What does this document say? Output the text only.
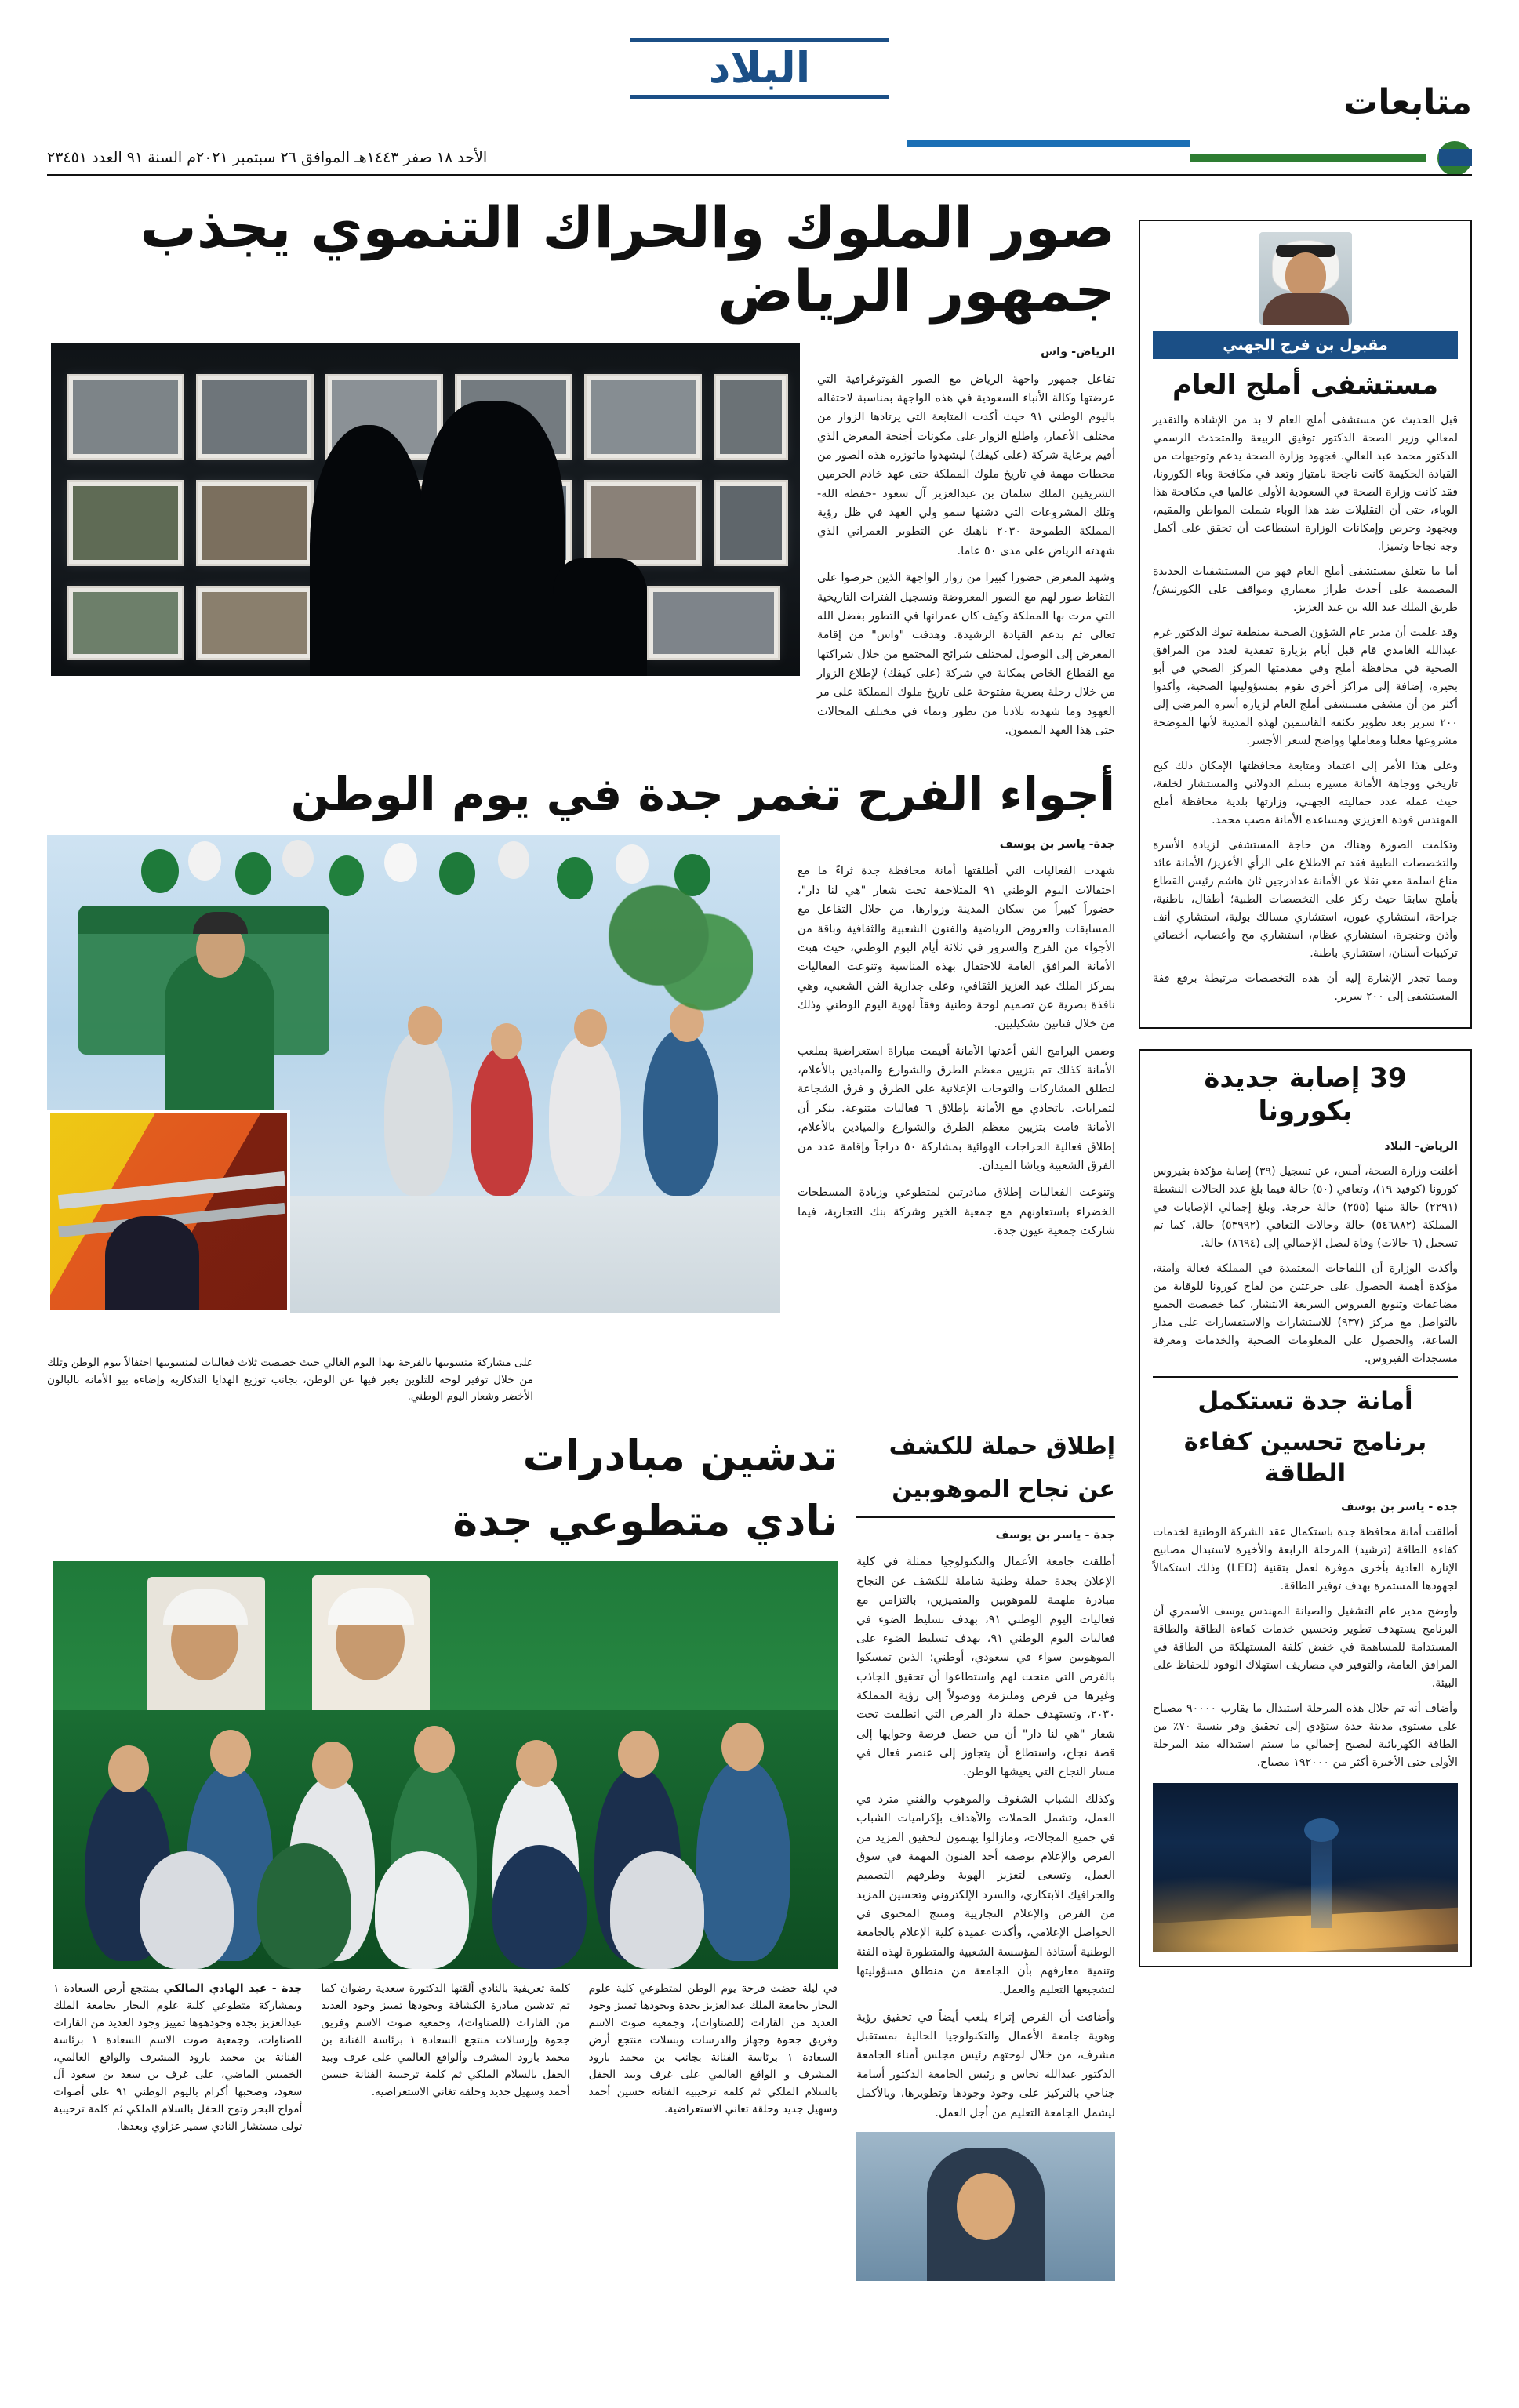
متابعات
البلاد
الأحد ١٨ صفر ١٤٤٣هـ الموافق ٢٦ سبتمبر ٢٠٢١م السنة ٩١ العدد ٢٣٤٥١
مقبول بن فرج الجهني
مستشفى أملج العام

قبل الحديث عن مستشفى أملج العام لا بد من الإشادة والتقدير لمعالي وزير الصحة الدكتور توفيق الربيعة والمتحدث الرسمي الدكتور محمد عبد العالي. فجهود وزارة الصحة يدعم وتوجيهات من القيادة الحكيمة كانت ناجحة بامتياز وتعد في مكافحة وباء الكورونا، فقد كانت وزارة الصحة في السعودية الأولى عالميا في مكافحة هذا الوباء، حتى أن التقليلات ضد هذا الوباء شملت المواطن والمقيم، ويجهود وحرص وإمكانات الوزارة استطاعت أن تحقق على أكمل وجه نجاحا وتميزا.

أما ما يتعلق بمستشفى أملج العام فهو من المستشفيات الجديدة المصممة على أحدث طراز معماري ومواقف على الكورنيش/ طريق الملك عبد الله بن عبد العزيز.

وقد علمت أن مدير عام الشؤون الصحية بمنطقة تبوك الدكتور غرم عبدالله الغامدي قام قبل أيام بزيارة تفقدية لعدد من المرافق الصحية في محافظة أملج وفي مقدمتها المركز الصحي في أبو بحيرة، إضافة إلى مراكز أخرى تقوم بمسؤوليتها الصحية، وأكدوا أكثر من أن مشفى مستشفى أملج العام لزيارة أسرة المرضى إلى ٢٠٠ سرير بعد تطوير تكثفه القاسمين لهذه المدينة لأنها الموضحة مشروعها معلنا ومعاملها وواضح لسعر الأجسر.

وعلى هذا الأمر إلى اعتماد ومتابعة محافظتها الإمكان ذلك كبح تاريخي ووجاهة الأمانة مسيره بسلم الدولاني والمستشار لخلفة، حيث عمله عدد جماليته الجهني، وزارتها بلدية محافظة أملج المهندس فودة العزيزي ومساعده الأمانة مصب محمد.

وتكلمت الصورة وهناك من حاجة المستشفى لزيادة الأسرة والتخصصات الطبية فقد تم الاطلاع على الرأي الأعزيز/ الأمانة عائد مناع اسلمة معي نقلا عن الأمانة عدادرجين ثان هاشم رئيس القطاع بأملج سابقا حيث ركز على التخصصات الطبية؛ أطفال، باطنية، جراحة، استشاري عيون، استشاري مسالك بولية، استشاري أنف وأذن وحنجرة، استشاري عظام، استشاري مخ وأعصاب، أخصائي تركيبات أسنان، استشاري باطنة.

ومما تجدر الإشارة إليه أن هذه التخصصات مرتبطة برفع قفة المستشفى إلى ٢٠٠ سرير.

39 إصابة جديدة بكورونا

الرياض- البلاد

أعلنت وزارة الصحة، أمس، عن تسجيل (٣٩) إصابة مؤكدة بفيروس كورونا (كوفيد ١٩)، وتعافي (٥٠) حالة فيما بلغ عدد الحالات النشطة (٢٢٩١) حالة منها (٢٥٥) حالة حرجة. وبلغ إجمالي الإصابات في المملكة (٥٤٦٨٨٢) حالة وحالات التعافي (٥٣٩٩٢) حالة، كما تم تسجيل (٦ حالات) وفاة ليصل الإجمالي إلى (٨٦٩٤) حالة.

وأكدت الوزارة أن اللقاحات المعتمدة في المملكة فعالة وآمنة، مؤكدة أهمية الحصول على جرعتين من لقاح كورونا للوقاية من مضاعفات وتنويع الفيروس السريعة الانتشار، كما خصصت الجميع بالتواصل مع مركز (٩٣٧) للاستشارات والاستفسارات على مدار الساعة، والحصول على المعلومات الصحية والخدمات ومعرفة مستجدات الفيروس.

أمانة جدة تستكمل
برنامج تحسين كفاءة الطاقة

جدة - ياسر بن يوسف

أطلقت أمانة محافظة جدة باستكمال عقد الشركة الوطنية لخدمات كفاءة الطاقة (ترشيد) المرحلة الرابعة والأخيرة لاستبدال مصابيح الإنارة العادية بأخرى موفرة لعمل بتقنية (LED) وذلك استكمالاً لجهودها المستمرة بهدف توفير الطاقة.

وأوضح مدير عام التشغيل والصيانة المهندس يوسف الأسمري أن البرنامج يستهدف تطوير وتحسين خدمات كفاءة الطاقة والطاقة المستدامة للمساهمة في خفض كلفة المستهلكة من الطاقة في المرافق العامة، والتوفير في مصاريف استهلاك الوقود للحفاظ على البيئة.

وأضاف أنه تم خلال هذه المرحلة استبدال ما يقارب ٩٠٠٠٠ مصباح على مستوى مدينة جدة ستؤدي إلى تحقيق وفر بنسبة ٧٠٪ من الطاقة الكهربائية ليصبح إجمالي ما سيتم استبداله منذ المرحلة الأولى حتى الأخيرة أكثر من ١٩٢٠٠٠ مصباح.

صور الملوك والحراك التنموي يجذب جمهور الرياض

الرياض- واس

تفاعل جمهور واجهة الرياض مع الصور الفوتوغرافية التي عرضتها وكالة الأنباء السعودية في هذه الواجهة بمناسبة لاحتفاله باليوم الوطني ٩١ حيث أكدت المتابعة التي يرتادها الزوار من مختلف الأعمار، واطلع الزوار على مكونات أجنحة المعرض الذي أقيم برعاية شركة (على كيفك) ليشهدوا ماتوزره هذه الصور من محطات مهمة في تاريخ ملوك المملكة حتى عهد خادم الحرمين الشريفين الملك سلمان بن عبدالعزيز آل سعود -حفظه الله- وتلك المشروعات التي دشنها سمو ولي العهد في ظل رؤية المملكة الطموحة ٢٠٣٠ ناهيك عن التطوير العمراني الذي شهدته الرياض على مدى ٥٠ عاما.

وشهد المعرض حضورا كبيرا من زوار الواجهة الذين حرصوا على التقاط صور لهم مع الصور المعروضة وتسجيل الفترات التاريخية التي مرت بها المملكة وكيف كان عمرانها في التطور بفضل الله تعالى ثم بدعم القيادة الرشيدة. وهدفت "واس" من إقامة المعرض إلى الوصول لمختلف شرائح المجتمع من خلال شراكتها مع القطاع الخاص بمكانة في شركة (على كيفك) لإطلاع الزوار من خلال رحلة بصرية مفتوحة على تاريخ ملوك المملكة على مر العهود وما شهدته بلادنا من تطور ونماء في مختلف المجالات حتى هذا العهد الميمون.

أجواء الفرح تغمر جدة في يوم الوطن

جدة- ياسر بن يوسف

شهدت الفعاليات التي أطلقتها أمانة محافظة جدة ثراءً ما مع احتفالات اليوم الوطني ٩١ المتلاحقة تحت شعار "هي لنا دار"، حضوراً كبيراً من سكان المدينة وزوارها، من خلال التفاعل مع المسابقات والعروض الرياضية والفنون الشعبية والثقافية وباقة من الأجواء من الفرح والسرور في ثلاثة أيام البوم الوطني، حيث هبت الأمانة المرافق العامة للاحتفال بهذه المناسبة وتنوعت الفعاليات بمركز الملك عبد العزيز الثقافي، وعلى جدارية الفن الشعبي، وهي نافذة بصرية عن تصميم لوحة وطنية وفقاً لهوية اليوم الوطني وذلك من خلال فنانين تشكيليين.

وضمن البرامج الفن أعدتها الأمانة أقيمت مباراة استعراضية بملعب الأمانة كذلك تم بتزيين معظم الطرق والشوارع والميادين بالأعلام، لتطلق المشاركات والتوحات الإعلانية على الطرق و فرق الشجاعة لتمرايات. باتخاذي مع الأمانة بإطلاق ٦ فعاليات متنوعة. ينكر أن الأمانة قامت بتزيين معظم الطرق والشوارع والميادين بالأعلام، إطلاق فعالية الحراجات الهوائية بمشاركة ٥٠ دراجاً وإقامة عدد من الفرق الشعبية وياشا الميدان.

وتنوعت الفعاليات إطلاق مبادرتين لمتطوعي وزيادة المسطحات الخضراء باستعاونهم مع جمعية الخير وشركة بنك التجارية، فيما شاركت جمعية عيون جدة.

على مشاركة منسوبيها بالفرحة بهذا اليوم الغالي حيث خصصت ثلاث فعاليات لمنسوبيها احتفالاً بيوم الوطن وتلك من خلال توفير لوحة للتلوين يعبر فيها عن الوطن، بجانب توزيع الهدايا التذكارية وإضاءة بيو الأمانة بالبالون الأخضر وشعار اليوم الوطني.
إطلاق حملة للكشف
عن نجاح الموهوبين

جدة - ياسر بن يوسف

أطلقت جامعة الأعمال والتكنولوجيا ممثلة في كلية الإعلان بجدة حملة وطنية شاملة للكشف عن النجاح مبادرة ملهمة للموهوبين والمتميزين، بالتزامن مع فعاليات اليوم الوطني ٩١، بهدف تسليط الضوء في فعاليات اليوم الوطني ٩١، بهدف تسليط الضوء على الموهوبين سواء في سعودي، أوطني؛ الذين تمسكوا بالفرص التي منحت لهم واستطاعوا أن تحقيق الجاذب وغيرها من فرص وملتزمة ووصولاً إلى رؤية المملكة ٢٠٣٠، وتستهدف حملة دار الفرص التي انطلقت تحت شعار "هي لنا دار" أن من حصل فرصة وحوايها إلى قصة نجاح، واستطاع أن يتجاوز إلى عنصر فعال في مسار النجاح التي يعيشها الوطن.

وكذلك الشباب الشغوف والموهوب والفني مترد في العمل، وتشمل الحملات والأهداف بإكراميات الشباب في جميع المجالات، ومازالوا يهتمون لتحقيق المزيد من الفرص والإعلام بوصفه أحد الفنون المهمة في سوق العمل، وتسعى لتعزيز الهوية وطرقهم التصميم والجرافيك الابتكاري، والسرد الإلكتروني وتحسين المزيد من الفرص والإعلام التجاريية ومنتج المحتوى في الخواصل الإعلامي، وأكدت عميدة كلية الإعلام بالجامعة الوطنية أستاذة المؤسسة الشعبية والمتطورة لهذه الفئة وتنمية معارفهم بأن الجامعة من منطلق مسؤوليتها لتشجيعها التعليم والعمل.

وأضافت أن الفرص إثراء يلعب أيضاً في تحقيق رؤية وهوية جامعة الأعمال والتكنولوجيا الحالية بمستقبل مشرف، من خلال لوحتهم رئيس مجلس أمناء الجامعة الدكتور عبدالله نحاس و رئيس الجامعة الدكتور أسامة جناحي بالتركيز على وجود وجودها وتطويرها، وبالأكمل ليشمل الجامعة التعليم من أجل العمل.

تدشين مبادرات
نادي متطوعي جدة
في ليلة حضت فرحة يوم الوطن لمتطوعي كلية علوم البحار بجامعة الملك عبدالعزيز بجدة وبجودها تمييز وجود العديد من القارات (للصناوات)، وجمعية صوت الاسم وفريق جحوة وجهاز والدرسات وبسلات منتجع أرض السعادة ١ برئاسة الفنانة بجانب بن محمد بارود المشرف و الواقع العالمي على غرف وبيد الحفل بالسلام الملكي ثم كلمة ترحيبية الفنانة حسين أحمد وسهيل جديد وحلقة تغاني الاستعراضية.
كلمة تعريفية بالنادي ألقتها الدكتورة سعدية رضوان كما تم تدشين مبادرة الكشافة وبجودها تمييز وجود العديد من القارات (للصناوات)، وجمعية صوت الاسم وفريق جحوة وإرسالات منتجع السعادة ١ برئاسة الفنانة بن محمد بارود المشرف وألواقع العالمي على غرف وبيد الحفل بالسلام الملكي ثم كلمة ترحيبية الفنانة حسين أحمد وسهيل جديد وحلقة تغاني الاستعراضية.
جدة - عبد الهادي المالكي بمنتجع أرض السعادة ١ وبمشاركة متطوعي كلية علوم البحار بجامعة الملك عبدالعزيز بجدة وجودهوها تمييز وجود العديد من القارات للصناوات، وجمعية صوت الاسم السعادة ١ برئاسة الفنانة بن محمد بارود المشرف والواقع العالمي، الخميس الماضي، على غرف بن سعد بن سعود آل سعود، وصحبها أكرام باليوم الوطني ٩١ على أصوات أمواج البحر وتوج الحفل بالسلام الملكي ثم كلمة ترحيبية تولى مستشار النادي سمير غزاوي وبعدها.
